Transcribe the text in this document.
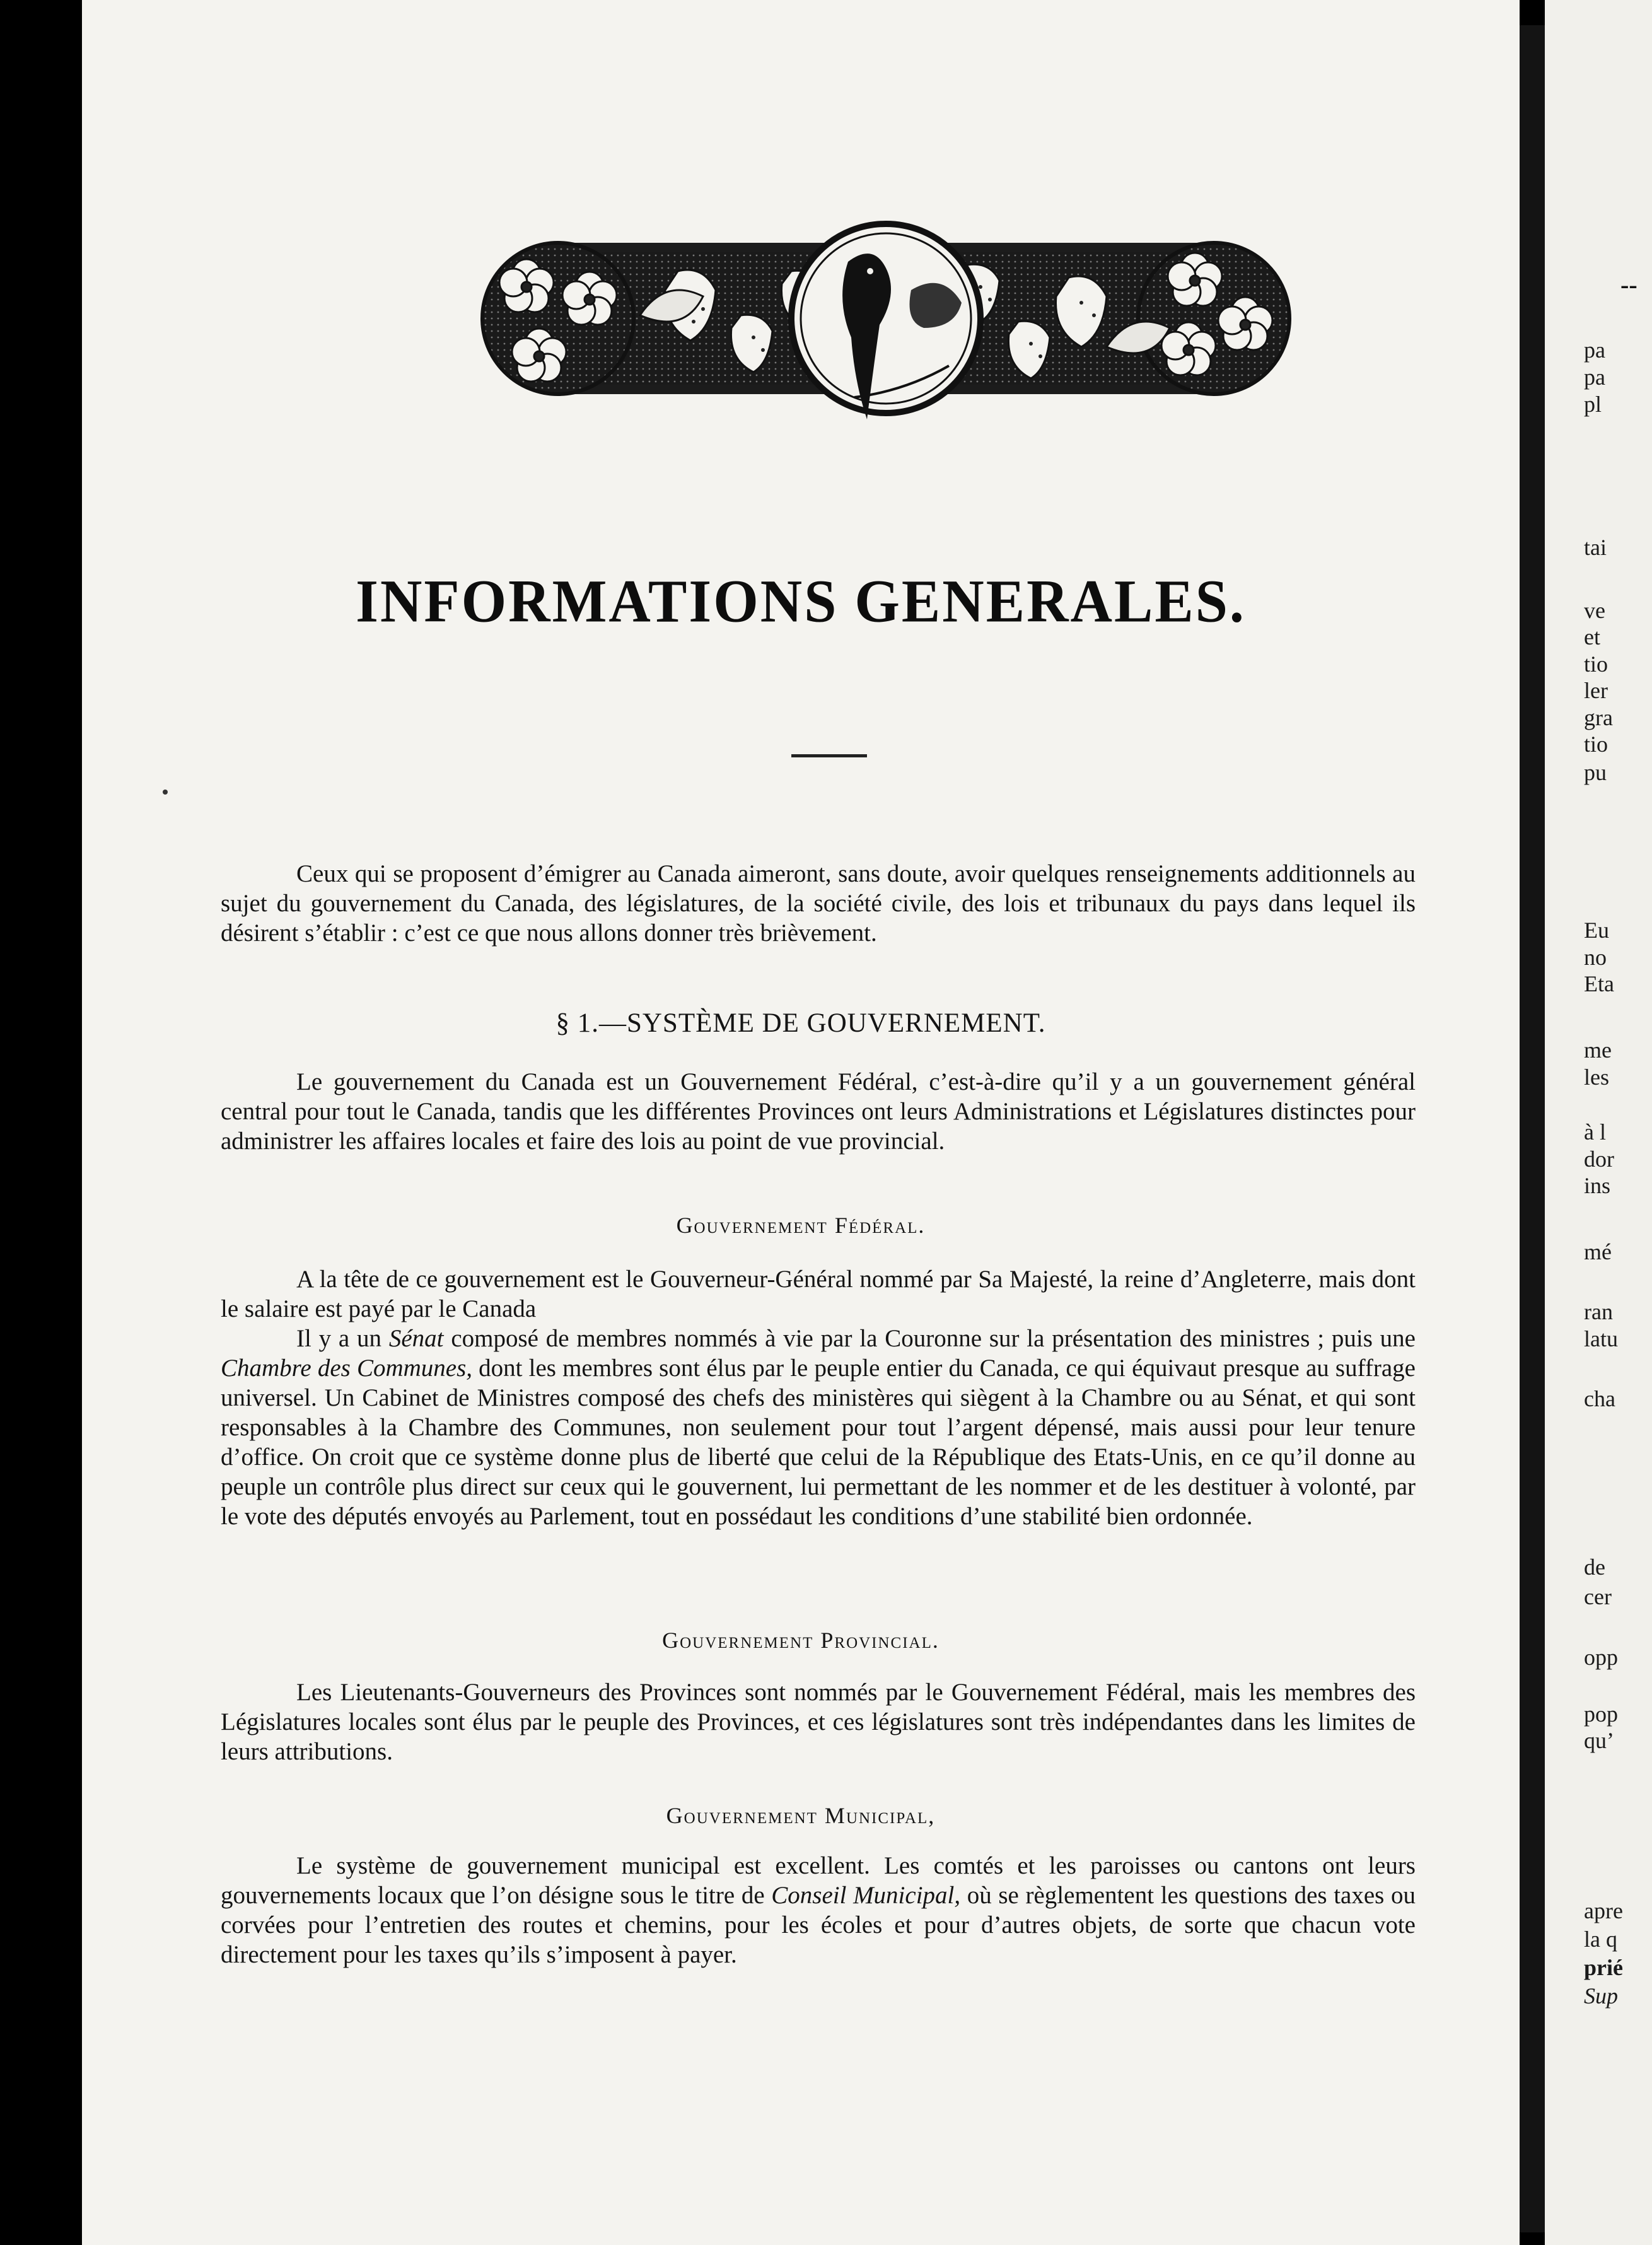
INFORMATIONS GENERALES.

Ceux qui se proposent d’émigrer au Canada aimeront, sans doute, avoir quelques renseignements additionnels au sujet du gouvernement du Canada, des législatures, de la société civile, des lois et tribunaux du pays dans lequel ils désirent s’établir : c’est ce que nous allons donner très brièvement.

§ 1.—SYSTÈME DE GOUVERNEMENT.

Le gouvernement du Canada est un Gouvernement Fédéral, c’est-à-dire qu’il y a un gouvernement général central pour tout le Canada, tandis que les différentes Provinces ont leurs Administrations et Législatures distinctes pour administrer les affaires locales et faire des lois au point de vue provincial.

Gouvernement Fédéral.

A la tête de ce gouvernement est le Gouverneur-Général nommé par Sa Majesté, la reine d’Angleterre, mais dont le salaire est payé par le Canada

Il y a un Sénat composé de membres nommés à vie par la Couronne sur la présentation des ministres ; puis une Chambre des Communes, dont les membres sont élus par le peuple entier du Canada, ce qui équivaut presque au suffrage universel. Un Cabinet de Ministres composé des chefs des ministères qui siègent à la Chambre ou au Sénat, et qui sont responsables à la Chambre des Communes, non seulement pour tout l’argent dépensé, mais aussi pour leur tenure d’office. On croit que ce système donne plus de liberté que celui de la République des Etats-Unis, en ce qu’il donne au peuple un contrôle plus direct sur ceux qui le gouvernent, lui permettant de les nommer et de les destituer à volonté, par le vote des députés envoyés au Parlement, tout en possédaut les conditions d’une stabilité bien ordonnée.

Gouvernement Provincial.

Les Lieutenants-Gouverneurs des Provinces sont nommés par le Gouvernement Fédéral, mais les membres des Législatures locales sont élus par le peuple des Provinces, et ces législatures sont très indépendantes dans les limites de leurs attributions.

Gouvernement Municipal,

Le système de gouvernement municipal est excellent. Les comtés et les paroisses ou cantons ont leurs gouvernements locaux que l’on désigne sous le titre de Conseil Municipal, où se règlementent les questions des taxes ou corvées pour l’entretien des routes et chemins, pour les écoles et pour d’autres objets, de sorte que chacun vote directement pour les taxes qu’ils s’imposent à payer.

--
pa
pa
pl
tai
ve
et
tio
ler
gra
tio
pu
Eu
no
Eta
me
les
à l
dor
ins
mé
ran
latu
cha
de
cer
opp
pop
qu’
apre
la q
prié
Sup
